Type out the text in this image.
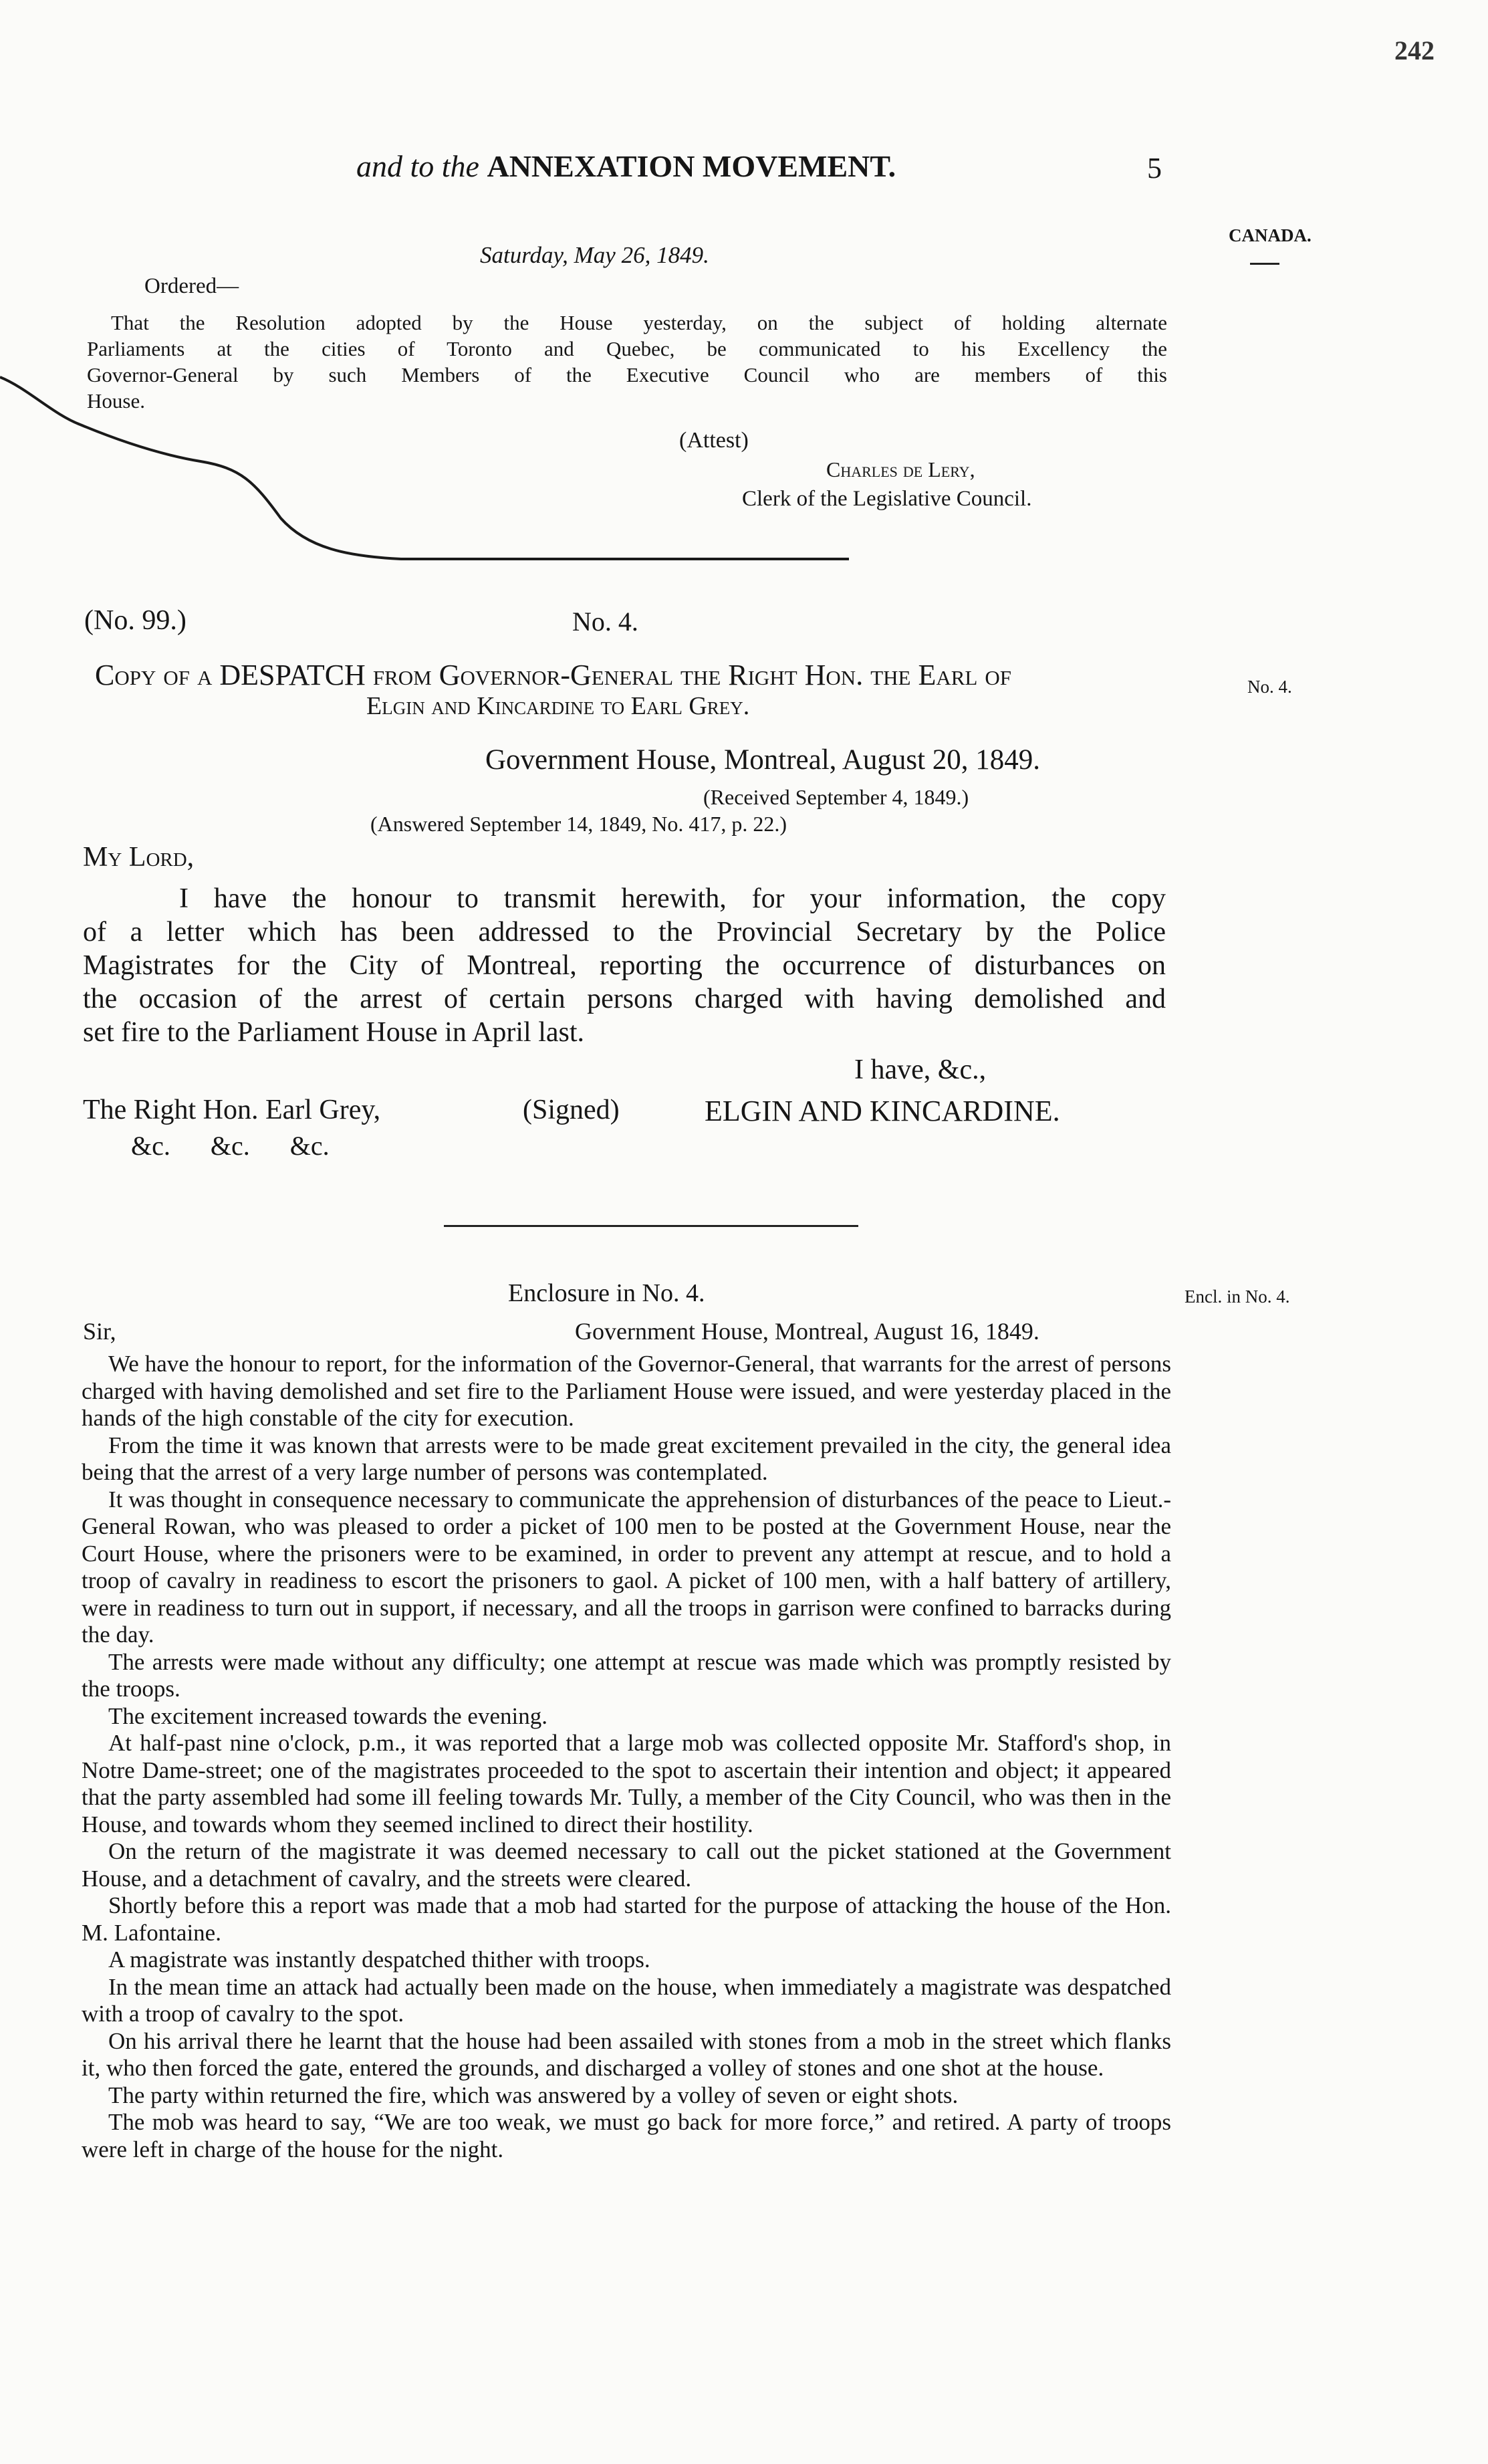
242
and to the ANNEXATION MOVEMENT.	5
CANADA.
No. 4.
Encl. in No. 4.
Saturday, May 26, 1849.
Ordered—
That the Resolution adopted by the House yesterday, on the subject of holding alternate
Parliaments at the cities of Toronto and Quebec, be communicated to his Excellency the
Governor-General by such Members of the Executive Council who are members of this
House.
(Attest)
Charles de Lery,
Clerk of the Legislative Council.
(No. 99.)	No. 4.
Copy of a DESPATCH from Governor-General the Right Hon. the Earl of
Elgin and Kincardine to Earl Grey.
Government House, Montreal, August 20, 1849.
(Received September 4, 1849.)
(Answered September 14, 1849, No. 417, p. 22.)
My Lord,
I have the honour to transmit herewith, for your information, the copy
of a letter which has been addressed to the Provincial Secretary by the Police
Magistrates for the City of Montreal, reporting the occurrence of disturbances on
the occasion of the arrest of certain persons charged with having demolished and
set fire to the Parliament House in April last.
I have, &c.,
The Right Hon. Earl Grey,
&c.      &c.      &c.
(Signed)	ELGIN AND KINCARDINE.
Enclosure in No. 4.
Sir,	Government House, Montreal, August 16, 1849.

We have the honour to report, for the information of the Governor-General, that warrants for the arrest of persons charged with having demolished and set fire to the Parliament House were issued, and were yesterday placed in the hands of the high constable of the city for execution.

From the time it was known that arrests were to be made great excitement prevailed in the city, the general idea being that the arrest of a very large number of persons was contemplated.

It was thought in consequence necessary to communicate the apprehension of disturbances of the peace to Lieut.-General Rowan, who was pleased to order a picket of 100 men to be posted at the Government House, near the Court House, where the prisoners were to be examined, in order to prevent any attempt at rescue, and to hold a troop of cavalry in readiness to escort the prisoners to gaol. A picket of 100 men, with a half battery of artillery, were in readiness to turn out in support, if necessary, and all the troops in garrison were confined to barracks during the day.

The arrests were made without any difficulty; one attempt at rescue was made which was promptly resisted by the troops.

The excitement increased towards the evening.

At half-past nine o'clock, p.m., it was reported that a large mob was collected opposite Mr. Stafford's shop, in Notre Dame-street; one of the magistrates proceeded to the spot to ascertain their intention and object; it appeared that the party assembled had some ill feeling towards Mr. Tully, a member of the City Council, who was then in the House, and towards whom they seemed inclined to direct their hostility.

On the return of the magistrate it was deemed necessary to call out the picket stationed at the Government House, and a detachment of cavalry, and the streets were cleared.

Shortly before this a report was made that a mob had started for the purpose of attacking the house of the Hon. M. Lafontaine.

A magistrate was instantly despatched thither with troops.

In the mean time an attack had actually been made on the house, when immediately a magistrate was despatched with a troop of cavalry to the spot.

On his arrival there he learnt that the house had been assailed with stones from a mob in the street which flanks it, who then forced the gate, entered the grounds, and discharged a volley of stones and one shot at the house.

The party within returned the fire, which was answered by a volley of seven or eight shots.

The mob was heard to say, “We are too weak, we must go back for more force,” and retired. A party of troops were left in charge of the house for the night.
